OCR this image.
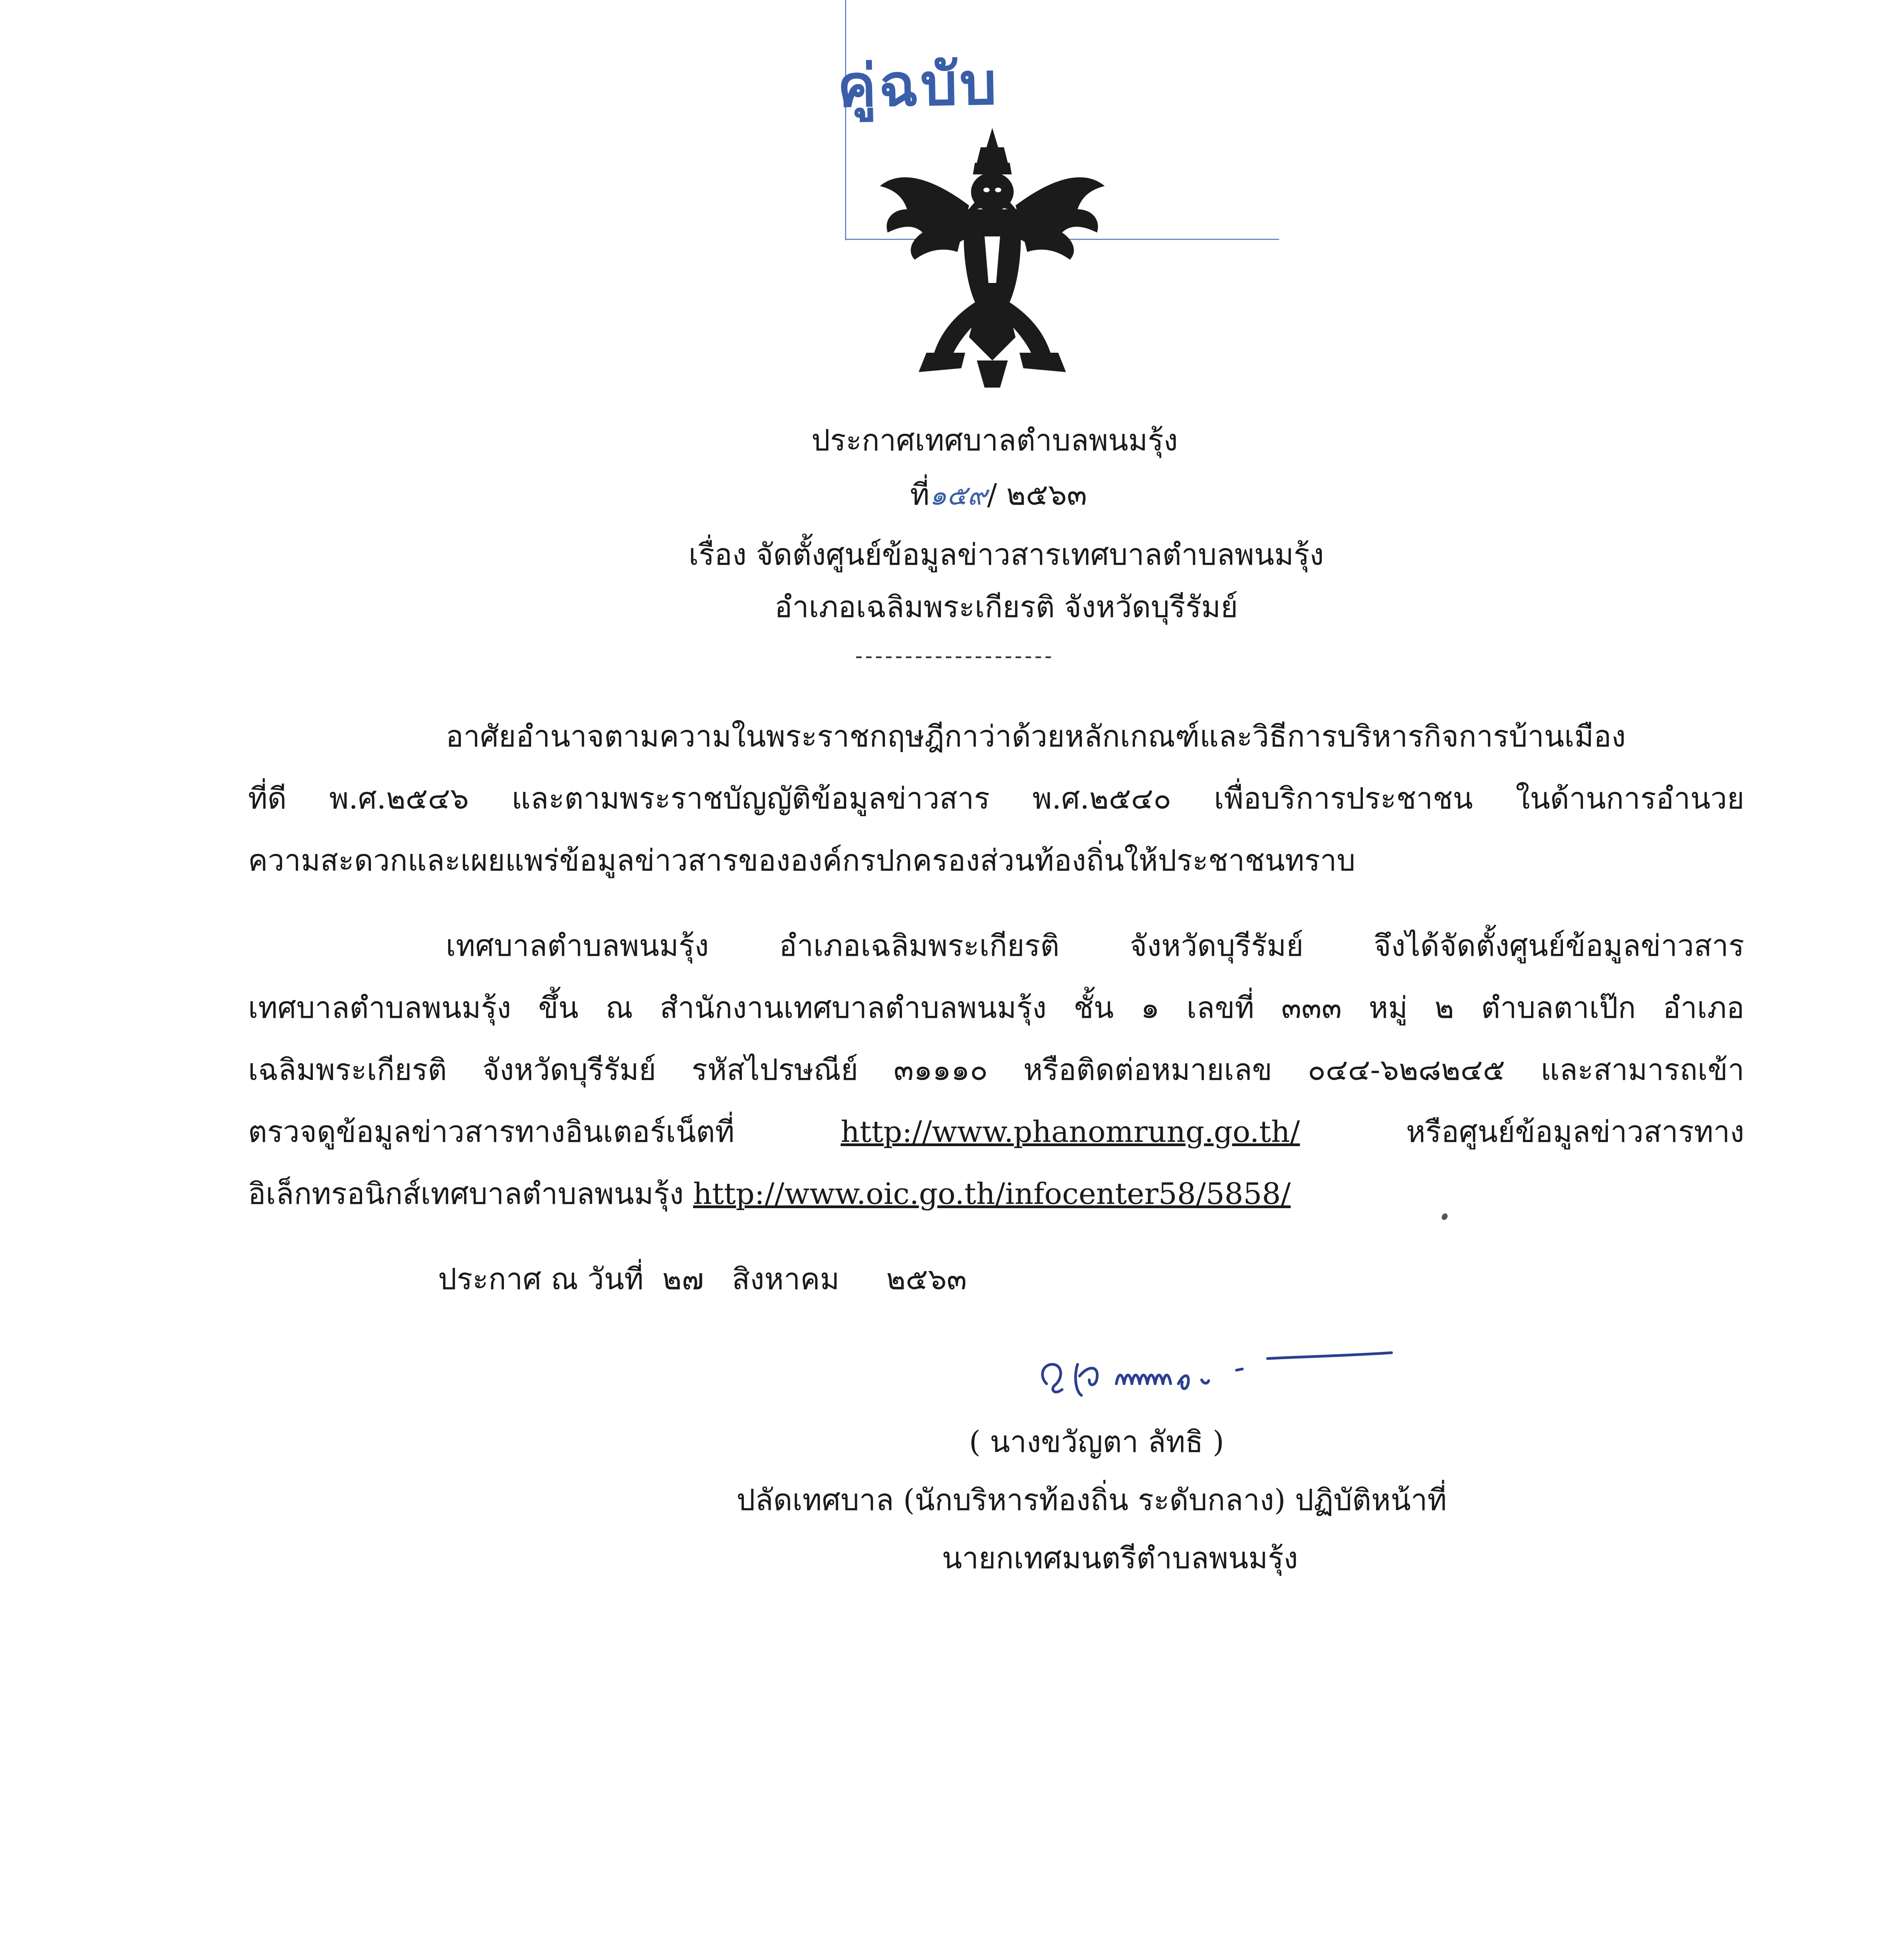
คู่ฉบับ
ประกาศเทศบาลตำบลพนมรุ้ง
ที่๑๕๙/ ๒๕๖๓
เรื่อง จัดตั้งศูนย์ข้อมูลข่าวสารเทศบาลตำบลพนมรุ้ง
อำเภอเฉลิมพระเกียรติ จังหวัดบุรีรัมย์
--------------------
อาศัยอำนาจตามความในพระราชกฤษฎีกาว่าด้วยหลักเกณฑ์และวิธีการบริหารกิจการบ้านเมือง
ที่ดี พ.ศ.๒๕๔๖ และตามพระราชบัญญัติข้อมูลข่าวสาร พ.ศ.๒๕๔๐ เพื่อบริการประชาชน ในด้านการอำนวย
ความสะดวกและเผยแพร่ข้อมูลข่าวสารขององค์กรปกครองส่วนท้องถิ่นให้ประชาชนทราบ
เทศบาลตำบลพนมรุ้ง อำเภอเฉลิมพระเกียรติ จังหวัดบุรีรัมย์ จึงได้จัดตั้งศูนย์ข้อมูลข่าวสาร
เทศบาลตำบลพนมรุ้ง ขึ้น ณ สำนักงานเทศบาลตำบลพนมรุ้ง ชั้น ๑ เลขที่ ๓๓๓ หมู่ ๒ ตำบลตาเป๊ก อำเภอ
เฉลิมพระเกียรติ จังหวัดบุรีรัมย์ รหัสไปรษณีย์ ๓๑๑๑๐ หรือติดต่อหมายเลข ๐๔๔-๖๒๘๒๔๕ และสามารถเข้า
ตรวจดูข้อมูลข่าวสารทางอินเตอร์เน็ตที่ http://www.phanomrung.go.th/ หรือศูนย์ข้อมูลข่าวสารทาง
อิเล็กทรอนิกส์เทศบาลตำบลพนมรุ้ง http://www.oic.go.th/infocenter58/5858/
ประกาศ ณ วันที่  ๒๗   สิงหาคม     ๒๕๖๓
( นางขวัญตา ลัทธิ )
ปลัดเทศบาล (นักบริหารท้องถิ่น ระดับกลาง) ปฏิบัติหน้าที่
นายกเทศมนตรีตำบลพนมรุ้ง
